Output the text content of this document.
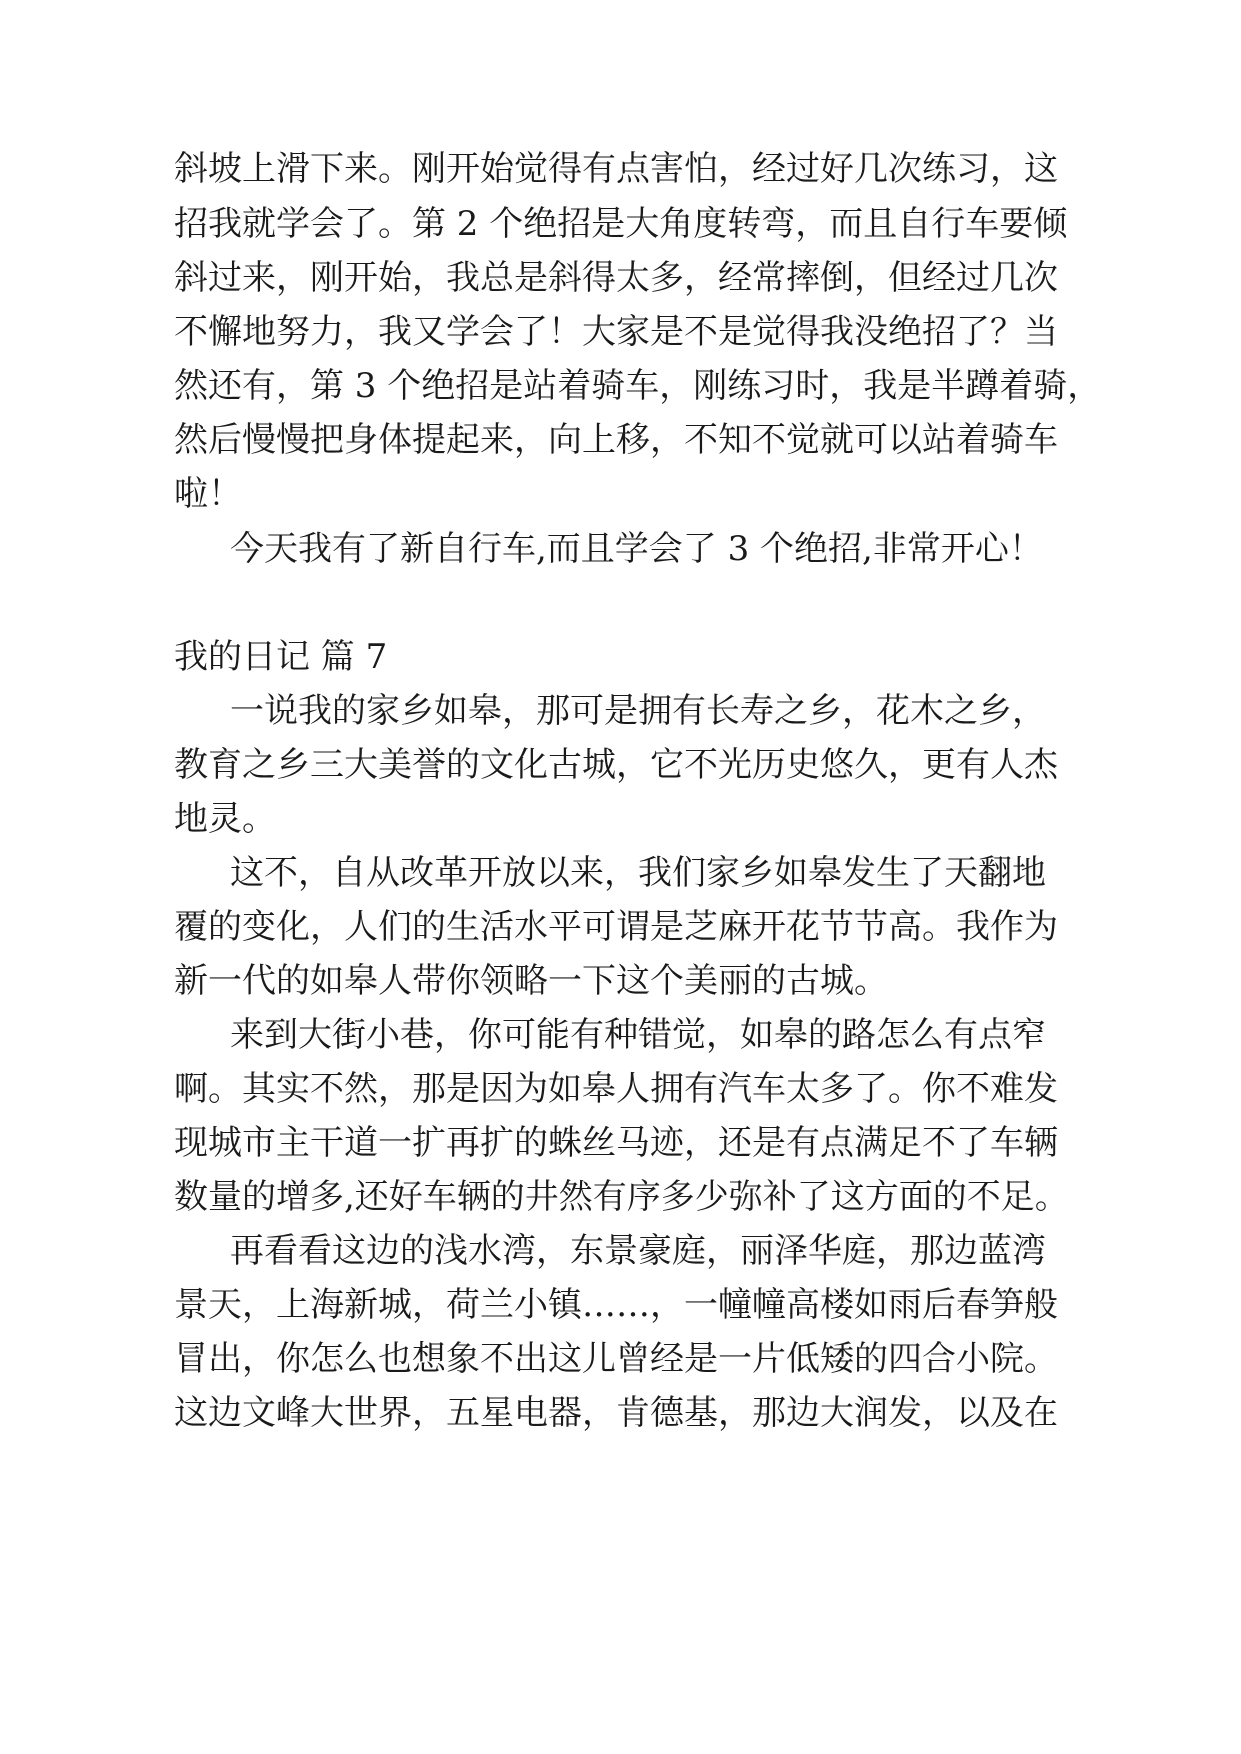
斜坡上滑下来。刚开始觉得有点害怕，经过好几次练习，这

招我就学会了。第 2 个绝招是大角度转弯，而且自行车要倾

斜过来，刚开始，我总是斜得太多，经常摔倒，但经过几次

不懈地努力，我又学会了！大家是不是觉得我没绝招了？当

然还有，第 3 个绝招是站着骑车，刚练习时，我是半蹲着骑，

然后慢慢把身体提起来，向上移，不知不觉就可以站着骑车

啦！

今天我有了新自行车,而且学会了 3 个绝招,非常开心！

我的日记 篇 7

一说我的家乡如皋，那可是拥有长寿之乡，花木之乡，

教育之乡三大美誉的文化古城，它不光历史悠久，更有人杰

地灵。

这不，自从改革开放以来，我们家乡如皋发生了天翻地

覆的变化，人们的生活水平可谓是芝麻开花节节高。我作为

新一代的如皋人带你领略一下这个美丽的古城。

来到大街小巷，你可能有种错觉，如皋的路怎么有点窄

啊。其实不然，那是因为如皋人拥有汽车太多了。你不难发

现城市主干道一扩再扩的蛛丝马迹，还是有点满足不了车辆

数量的增多,还好车辆的井然有序多少弥补了这方面的不足。

再看看这边的浅水湾，东景豪庭，丽泽华庭，那边蓝湾

景天，上海新城，荷兰小镇……，一幢幢高楼如雨后春笋般

冒出，你怎么也想象不出这儿曾经是一片低矮的四合小院。

这边文峰大世界，五星电器，肯德基，那边大润发，以及在
